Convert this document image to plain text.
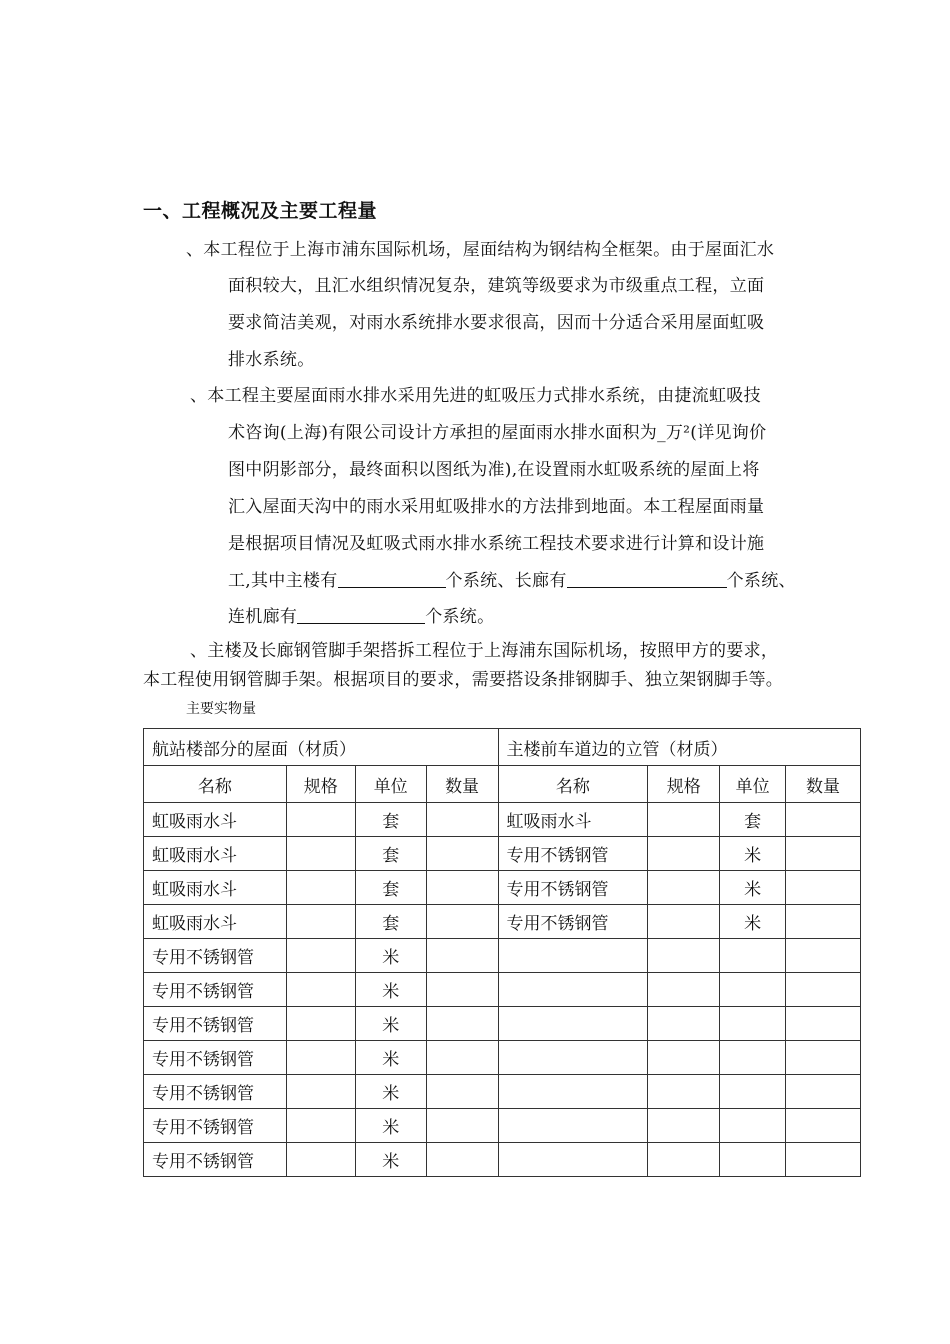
一、工程概况及主要工程量
、本工程位于上海市浦东国际机场，屋面结构为钢结构全框架。由于屋面汇水
面积较大，且汇水组织情况复杂，建筑等级要求为市级重点工程，立面
要求简洁美观，对雨水系统排水要求很高，因而十分适合采用屋面虹吸
排水系统。
、本工程主要屋面雨水排水采用先进的虹吸压力式排水系统，由捷流虹吸技
术咨询(上海)有限公司设计方承担的屋面雨水排水面积为_万²(详见询价
图中阴影部分，最终面积以图纸为准),在设置雨水虹吸系统的屋面上将
汇入屋面天沟中的雨水采用虹吸排水的方法排到地面。本工程屋面雨量
是根据项目情况及虹吸式雨水排水系统工程技术要求进行计算和设计施
工,其中主楼有	个系统、长廊有	个系统、
连机廊有	个系统。
、主楼及长廊钢管脚手架搭拆工程位于上海浦东国际机场，按照甲方的要求，
本工程使用钢管脚手架。根据项目的要求，需要搭设条排钢脚手、独立架钢脚手等。
主要实物量
航站楼部分的屋面（材质）				主楼前车道边的立管（材质）			
名称	规格	单位	数量	名称	规格	单位	数量
虹吸雨水斗		套		虹吸雨水斗		套	
虹吸雨水斗		套		专用不锈钢管		米	
虹吸雨水斗		套		专用不锈钢管		米	
虹吸雨水斗		套		专用不锈钢管		米	
专用不锈钢管		米					
专用不锈钢管		米					
专用不锈钢管		米					
专用不锈钢管		米					
专用不锈钢管		米					
专用不锈钢管		米					
专用不锈钢管		米					
